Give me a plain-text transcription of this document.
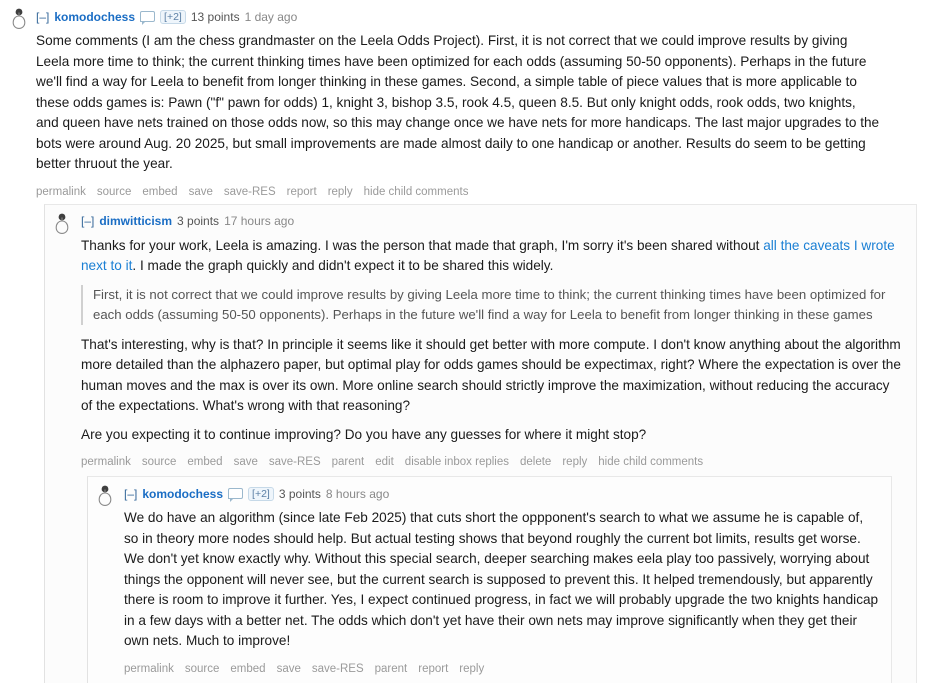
[–] komodochess	[+2] 13 points 1 day ago

Some comments (I am the chess grandmaster on the Leela Odds Project). First, it is not correct that we could improve results by giving Leela more time to think; the current thinking times have been optimized for each odds (assuming 50-50 opponents). Perhaps in the future we'll find a way for Leela to benefit from longer thinking in these games. Second, a simple table of piece values that is more applicable to these odds games is: Pawn ("f" pawn for odds) 1, knight 3, bishop 3.5, rook 4.5, queen 8.5. But only knight odds, rook odds, two knights, and queen have nets trained on those odds now, so this may change once we have nets for more handicaps. The last major upgrades to the bots were around Aug. 20 2025, but small improvements are made almost daily to one handicap or another. Results do seem to be getting better thruout the year.

permalink source embed save save-RES report reply hide child comments
[–] dimwitticism 3 points 17 hours ago

Thanks for your work, Leela is amazing. I was the person that made that graph, I'm sorry it's been shared without all the caveats I wrote next to it. I made the graph quickly and didn't expect it to be shared this widely.

First, it is not correct that we could improve results by giving Leela more time to think; the current thinking times have been optimized for each odds (assuming 50-50 opponents). Perhaps in the future we'll find a way for Leela to benefit from longer thinking in these games

That's interesting, why is that? In principle it seems like it should get better with more compute. I don't know anything about the algorithm more detailed than the alphazero paper, but optimal play for odds games should be expectimax, right? Where the expectation is over the human moves and the max is over its own. More online search should strictly improve the maximization, without reducing the accuracy of the expectations. What's wrong with that reasoning?

Are you expecting it to continue improving? Do you have any guesses for where it might stop?

permalink source embed save save-RES parent edit disable inbox replies delete reply hide child comments
[–] komodochess	[+2] 3 points 8 hours ago

We do have an algorithm (since late Feb 2025) that cuts short the oppponent's search to what we assume he is capable of, so in theory more nodes should help. But actual testing shows that beyond roughly the current bot limits, results get worse. We don't yet know exactly why. Without this special search, deeper searching makes eela play too passively, worrying about things the opponent will never see, but the current search is supposed to prevent this. It helped tremendously, but apparently there is room to improve it further. Yes, I expect continued progress, in fact we will probably upgrade the two knights handicap in a few days with a better net. The odds which don't yet have their own nets may improve significantly when they get their own nets. Much to improve!

permalink source embed save save-RES parent report reply
